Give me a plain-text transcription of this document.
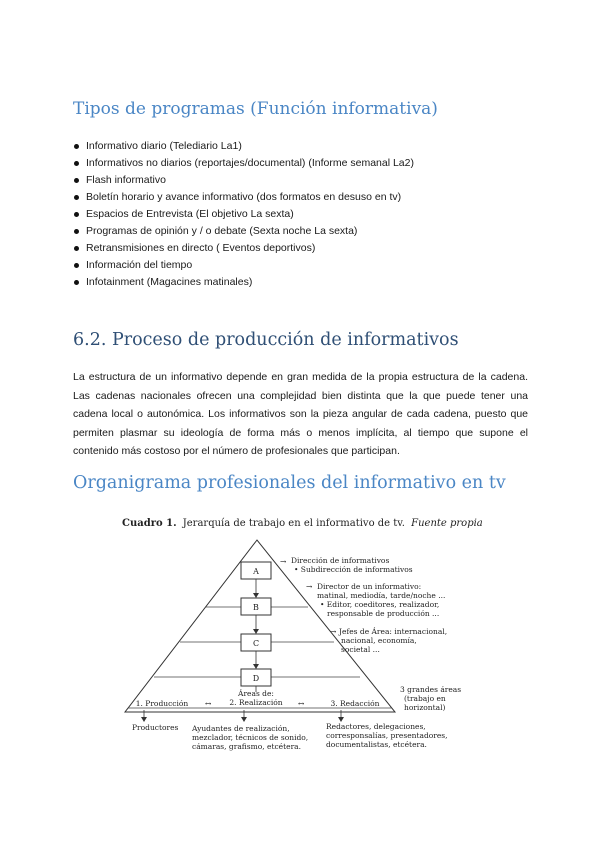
Tipos de programas (Función informativa)
Informativo diario (Telediario La1)
Informativos no diarios (reportajes/documental) (Informe semanal La2)
Flash informativo
Boletín horario y avance informativo (dos formatos en desuso en tv)
Espacios de Entrevista (El objetivo La sexta)
Programas de opinión y / o debate (Sexta noche La sexta)
Retransmisiones en directo ( Eventos deportivos)
Información del tiempo
Infotainment (Magacines matinales)
6.2. Proceso de producción de informativos

La estructura de un informativo depende en gran medida de la propia estructura de la cadena. Las cadenas nacionales ofrecen una complejidad bien distinta que la que puede tener una cadena local o autonómica. Los informativos son la pieza angular de cada cadena, puesto que permiten plasmar su ideología de forma más o menos implícita, al tiempo que supone el contenido más costoso por el número de profesionales que participan.

Organigrama profesionales del informativo en tv
Cuadro 1. Jerarquía de trabajo en el informativo de tv. Fuente propia
A
B
C
D
→ Dirección de informativos
• Subdirección de informativos
→ Director de un informativo:
matinal, mediodía, tarde/noche ...
• Editor, coeditores, realizador,
responsable de producción ...
→ Jefes de Área: internacional,
nacional, economía,
societal ...
Áreas de:
1. Producción ↔ 2. Realización ↔	3. Redacción
3 grandes áreas
(trabajo en
horizontal)
Productores Ayudantes de realización,
mezclador, técnicos de sonido,
cámaras, grafismo, etcétera.
Redactores, delegaciones,
corresponsalías, presentadores,
documentalistas, etcétera.
